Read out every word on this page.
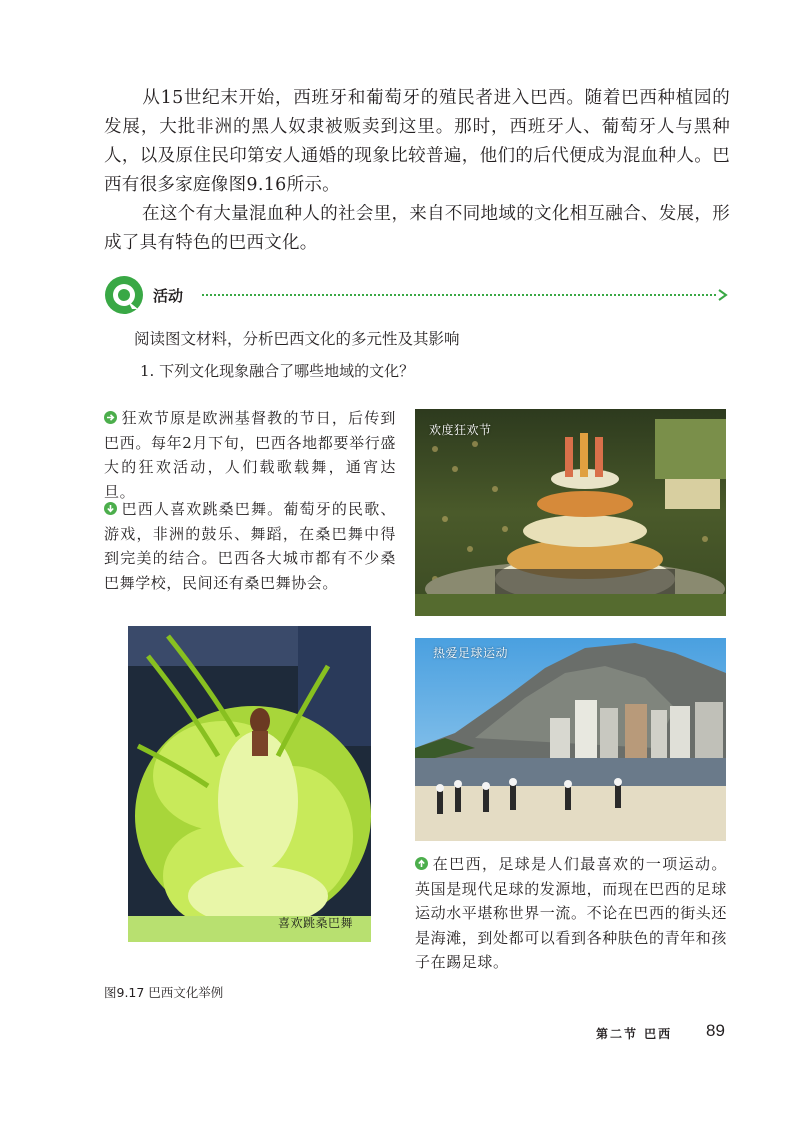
从15世纪末开始，西班牙和葡萄牙的殖民者进入巴西。随着巴西种植园的发展，大批非洲的黑人奴隶被贩卖到这里。那时，西班牙人、葡萄牙人与黑种人，以及原住民印第安人通婚的现象比较普遍，他们的后代便成为混血种人。巴西有很多家庭像图9.16所示。

在这个有大量混血种人的社会里，来自不同地域的文化相互融合、发展，形成了具有特色的巴西文化。

活动
阅读图文材料，分析巴西文化的多元性及其影响
1. 下列文化现象融合了哪些地域的文化？

狂欢节原是欧洲基督教的节日，后传到巴西。每年2月下旬，巴西各地都要举行盛大的狂欢活动，人们载歌载舞，通宵达旦。

巴西人喜欢跳桑巴舞。葡萄牙的民歌、游戏，非洲的鼓乐、舞蹈，在桑巴舞中得到完美的结合。巴西各大城市都有不少桑巴舞学校，民间还有桑巴舞协会。

欢度狂欢节
喜欢跳桑巴舞
热爱足球运动

在巴西，足球是人们最喜欢的一项运动。英国是现代足球的发源地，而现在巴西的足球运动水平堪称世界一流。不论在巴西的街头还是海滩，到处都可以看到各种肤色的青年和孩子在踢足球。

图9.17 巴西文化举例
第二节 巴西 89
